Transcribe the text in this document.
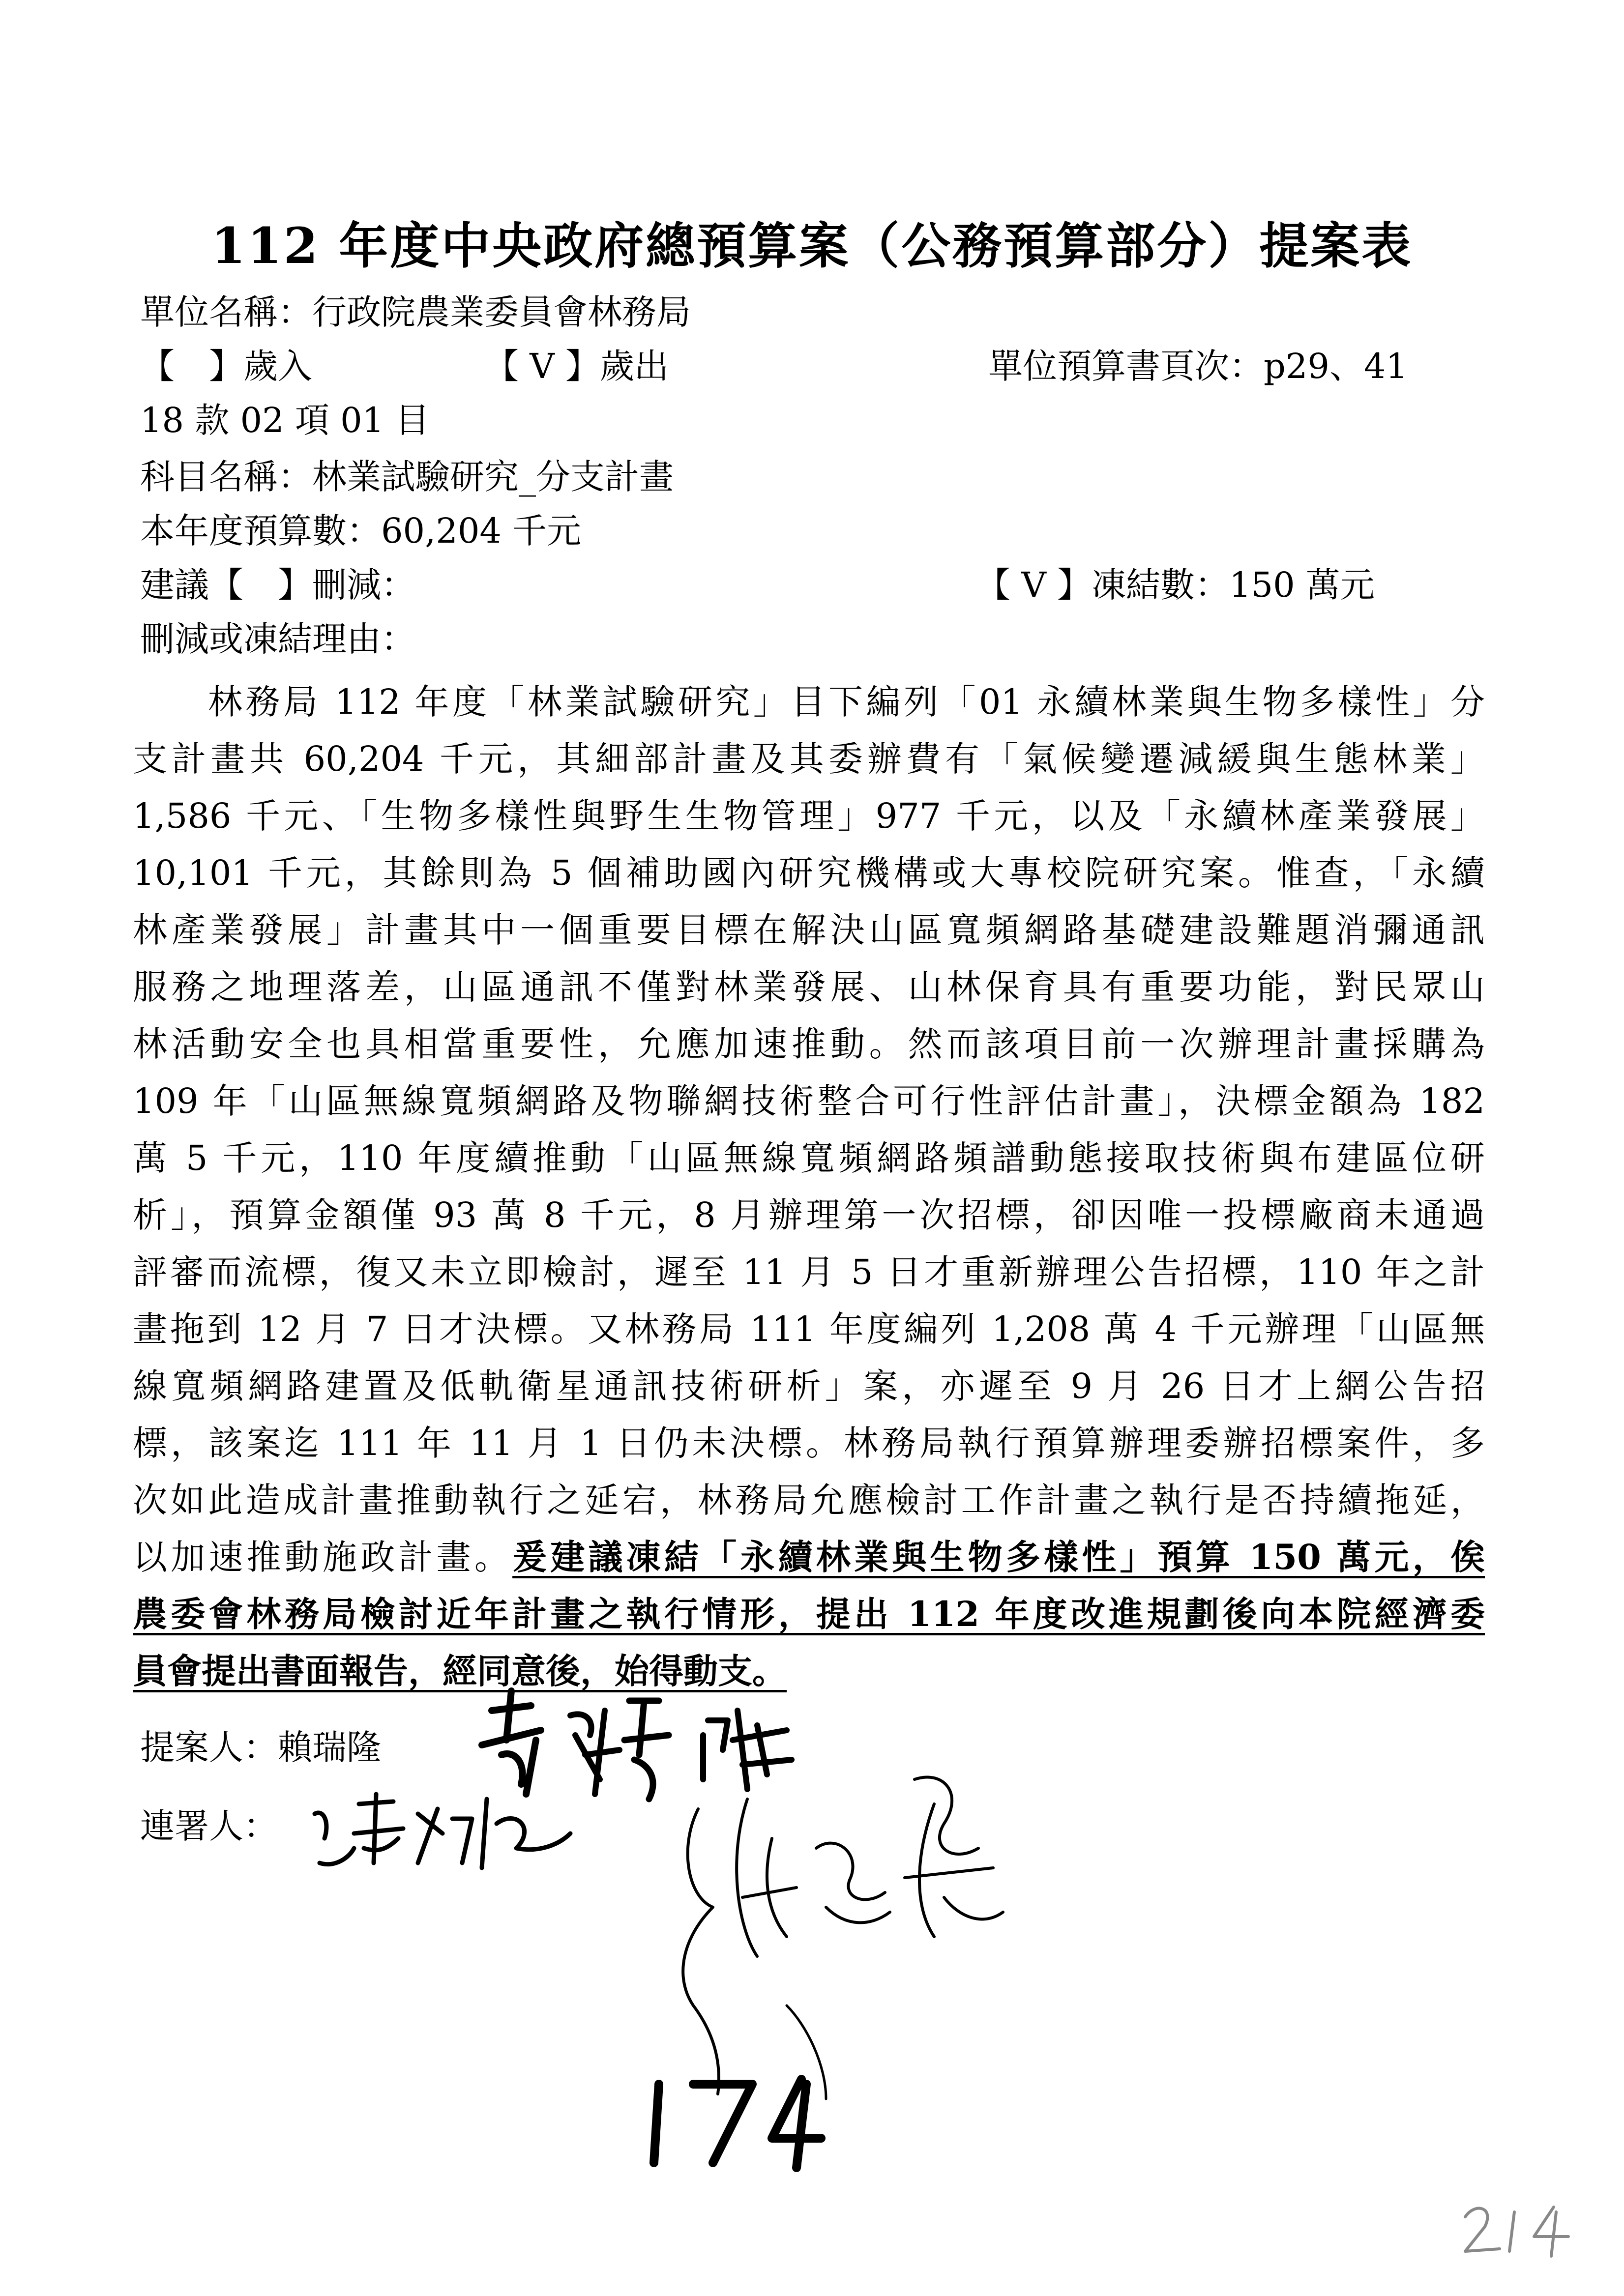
112 年度中央政府總預算案（公務預算部分）提案表
單位名稱：行政院農業委員會林務局
【　】歲入	【 V 】歲出	單位預算書頁次：p29、41
18 款 02 項 01 目
科目名稱：林業試驗研究_分支計畫
本年度預算數：60,204 千元
建議【　】刪減：	【 V 】凍結數：150 萬元
刪減或凍結理由：
　　林務局 112 年度「林業試驗研究」目下編列「01 永續林業與生物多樣性」分
支計畫共 60,204 千元，其細部計畫及其委辦費有「氣候變遷減緩與生態林業」
1,586 千元、「生物多樣性與野生生物管理」977 千元，以及「永續林產業發展」
10,101 千元，其餘則為 5 個補助國內研究機構或大專校院研究案。惟查，「永續
林產業發展」計畫其中一個重要目標在解決山區寬頻網路基礎建設難題消彌通訊
服務之地理落差，山區通訊不僅對林業發展、山林保育具有重要功能，對民眾山
林活動安全也具相當重要性，允應加速推動。然而該項目前一次辦理計畫採購為
109 年「山區無線寬頻網路及物聯網技術整合可行性評估計畫」，決標金額為 182
萬 5 千元，110 年度續推動「山區無線寬頻網路頻譜動態接取技術與布建區位研
析」，預算金額僅 93 萬 8 千元，8 月辦理第一次招標，卻因唯一投標廠商未通過
評審而流標，復又未立即檢討，遲至 11 月 5 日才重新辦理公告招標，110 年之計
畫拖到 12 月 7 日才決標。又林務局 111 年度編列 1,208 萬 4 千元辦理「山區無
線寬頻網路建置及低軌衛星通訊技術研析」案，亦遲至 9 月 26 日才上網公告招
標，該案迄 111 年 11 月 1 日仍未決標。林務局執行預算辦理委辦招標案件，多
次如此造成計畫推動執行之延宕，林務局允應檢討工作計畫之執行是否持續拖延，
以加速推動施政計畫。爰建議凍結「永續林業與生物多樣性」預算 150 萬元，俟
農委會林務局檢討近年計畫之執行情形，提出 112 年度改進規劃後向本院經濟委
員會提出書面報告，經同意後，始得動支。
提案人：賴瑞隆
連署人：
